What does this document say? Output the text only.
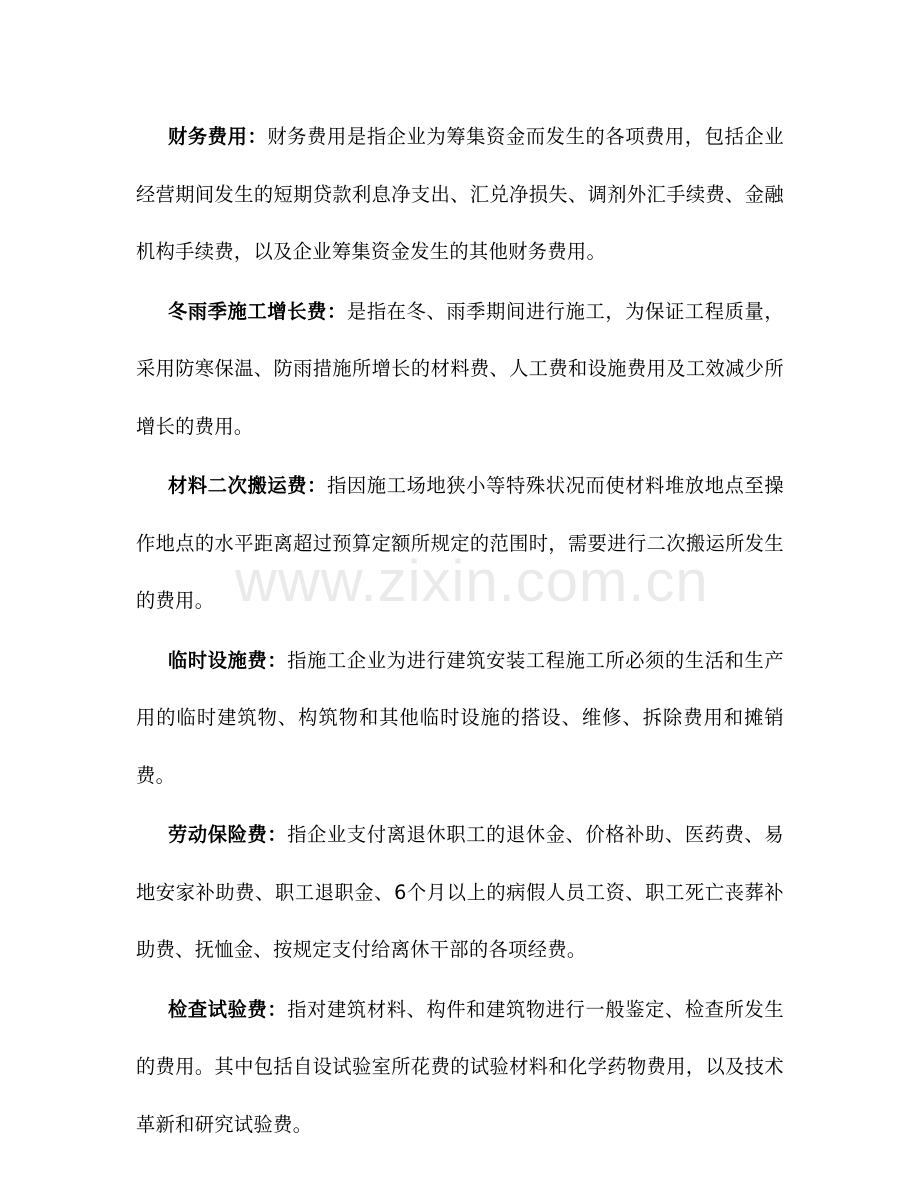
财务费用：财务费用是指企业为筹集资金而发生的各项费用，包括企业经营期间发生的短期贷款利息净支出、汇兑净损失、调剂外汇手续费、金融机构手续费，以及企业筹集资金发生的其他财务费用。

冬雨季施工增长费：是指在冬、雨季期间进行施工，为保证工程质量，采用防寒保温、防雨措施所增长的材料费、人工费和设施费用及工效减少所增长的费用。

材料二次搬运费：指因施工场地狭小等特殊状况而使材料堆放地点至操作地点的水平距离超过预算定额所规定的范围时，需要进行二次搬运所发生的费用。

临时设施费：指施工企业为进行建筑安装工程施工所必须的生活和生产用的临时建筑物、构筑物和其他临时设施的搭设、维修、拆除费用和摊销费。

劳动保险费：指企业支付离退休职工的退休金、价格补助、医药费、易地安家补助费、职工退职金、6个月以上的病假人员工资、职工死亡丧葬补助费、抚恤金、按规定支付给离休干部的各项经费。

检查试验费：指对建筑材料、构件和建筑物进行一般鉴定、检查所发生的费用。其中包括自设试验室所花费的试验材料和化学药物费用，以及技术革新和研究试验费。

www.zixin.com.cn
